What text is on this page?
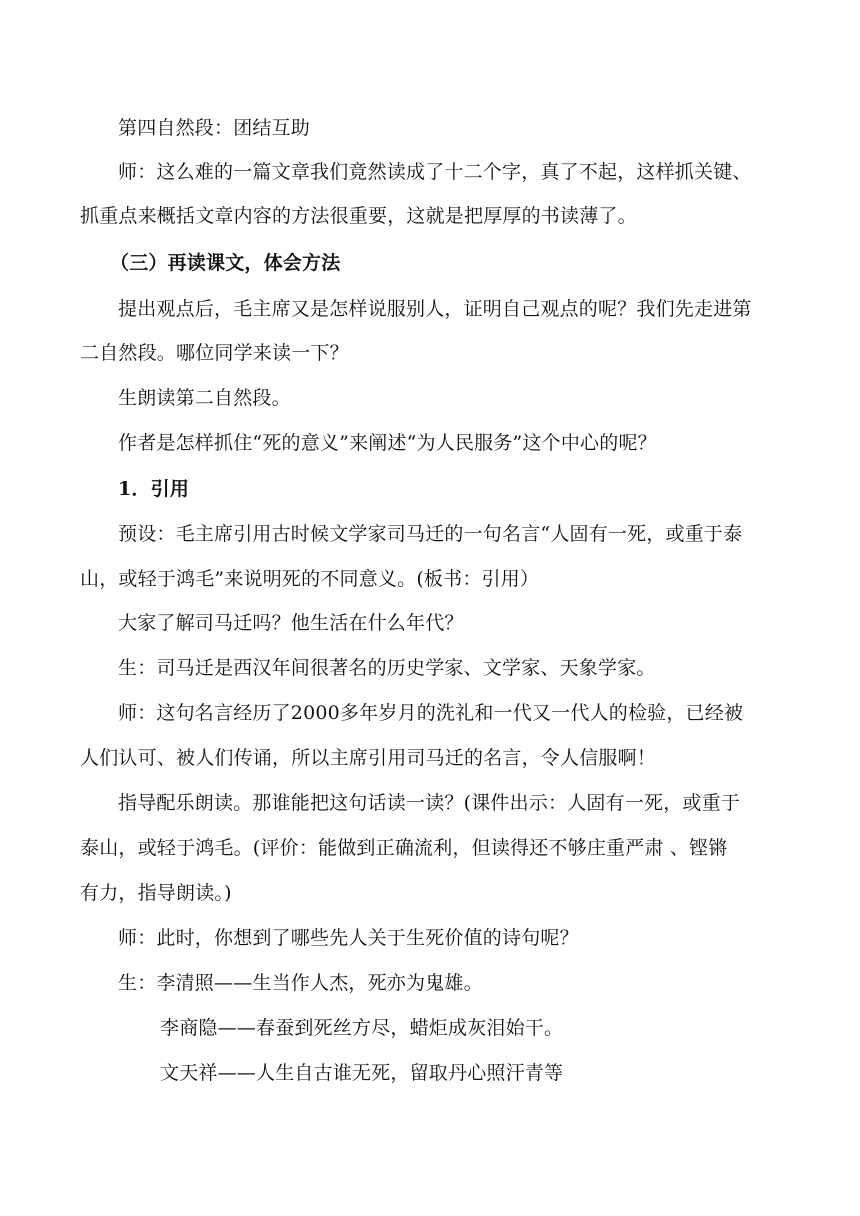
第四自然段：团结互助
师：这么难的一篇文章我们竟然读成了十二个字，真了不起，这样抓关键、
抓重点来概括文章内容的方法很重要，这就是把厚厚的书读薄了。
（三）再读课文，体会方法
提出观点后，毛主席又是怎样说服别人，证明自己观点的呢？我们先走进第
二自然段。哪位同学来读一下？
生朗读第二自然段。
作者是怎样抓住“死的意义”来阐述“为人民服务”这个中心的呢？
1．引用
预设：毛主席引用古时候文学家司马迁的一句名言“人固有一死，或重于泰
山，或轻于鸿毛”来说明死的不同意义。(板书：引用）
大家了解司马迁吗？他生活在什么年代？
生：司马迁是西汉年间很著名的历史学家、文学家、天象学家。
师：这句名言经历了2000多年岁月的洗礼和一代又一代人的检验，已经被
人们认可、被人们传诵，所以主席引用司马迁的名言，令人信服啊！
指导配乐朗读。那谁能把这句话读一读？(课件出示：人固有一死，或重于
泰山，或轻于鸿毛。(评价：能做到正确流利，但读得还不够庄重严肃 、铿锵
有力，指导朗读。)
师：此时，你想到了哪些先人关于生死价值的诗句呢？
生：李清照——生当作人杰，死亦为鬼雄。
李商隐——春蚕到死丝方尽，蜡炬成灰泪始干。
文天祥——人生自古谁无死，留取丹心照汗青等
